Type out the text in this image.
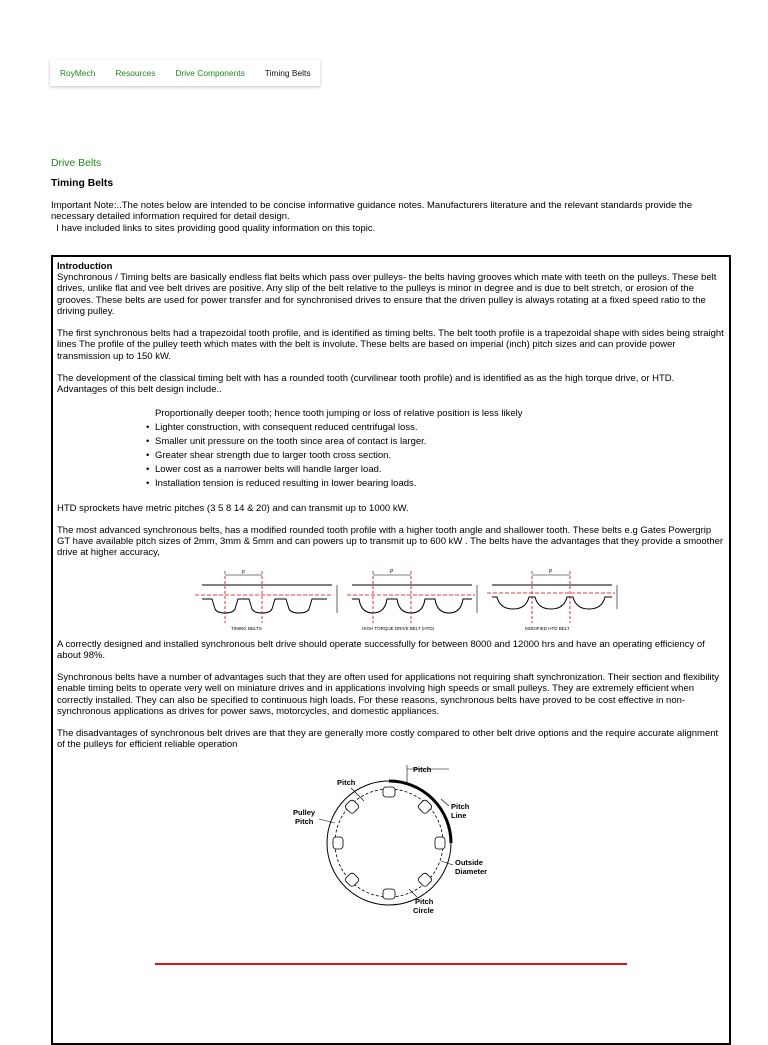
RoyMech	Resources	Drive Components	Timing Belts
Drive Belts
Timing Belts

Important Note:..The notes below are intended to be concise informative guidance notes. Manufacturers literature and the relevant standards provide the necessary detailed information required for detail design.

I have included links to sites providing good quality information on this topic.

Introduction

Synchronous / Timing belts are basically endless flat belts which pass over pulleys- the belts having grooves which mate with teeth on the pulleys. These belt drives, unlike flat and vee belt drives are positive. Any slip of the belt relative to the pulleys is minor in degree and is due to belt stretch, or erosion of the grooves. These belts are used for power transfer and for synchronised drives to ensure that the driven pulley is always rotating at a fixed speed ratio to the driving pulley.

The first synchronous belts had a trapezoidal tooth profile, and is identified as timing belts. The belt tooth profile is a trapezoidal shape with sides being straight lines The profile of the pulley teeth which mates with the belt is involute. These belts are based on imperial (inch) pitch sizes and can provide power transmission up to 150 kW.

The development of the classical timing belt with has a rounded tooth (curvilinear tooth profile) and is identified as as the high torque drive, or HTD. Advantages of this belt design include..

Proportionally deeper tooth; hence tooth jumping or loss of relative position is less likely
• Lighter construction, with consequent reduced centrifugal loss.
• Smaller unit pressure on the tooth since area of contact is larger.
• Greater shear strength due to larger tooth cross section.
• Lower cost as a narrower belts will handle larger load.
• Installation tension is reduced resulting in lower bearing loads.

HTD sprockets have metric pitches (3 5 8 14 & 20) and can transmit up to 1000 kW.

The most advanced synchronous belts, has a modified rounded tooth profile with a higher tooth angle and shallower tooth. These belts e.g Gates Powergrip GT have available pitch sizes of 2mm, 3mm & 5mm and can powers up to transmit up to 600 kW . The belts have the advantages that they provide a smoother drive at higher accuracy,

p
TIMING BELTS
P
HIGH TORQUE DRIVE BELT (HTD)
P
MODIFIED HTD BELT

A correctly designed and installed synchronous belt drive should operate successfully for between 8000 and 12000 hrs and have an operating efficiency of about 98%.

Synchronous belts have a number of advantages such that they are often used for applications not requiring shaft synchronization. Their section and flexibility enable timing belts to operate very well on miniature drives and in applications involving high speeds or small pulleys. They are extremely efficient when correctly installed. They can also be specified to continuous high loads. For these reasons, synchronous belts have proved to be cost effective in non-synchronous applications as drives for power saws, motorcycles, and domestic appliances.

The disadvantages of synchronous belt drives are that they are generally more costly compared to other belt drive options and the require accurate alignment of the pulleys for efficient reliable operation

Pitch
Pitch
Pulley
Pitch
Pitch
Line
Outside
Diameter
Pitch
Circle
